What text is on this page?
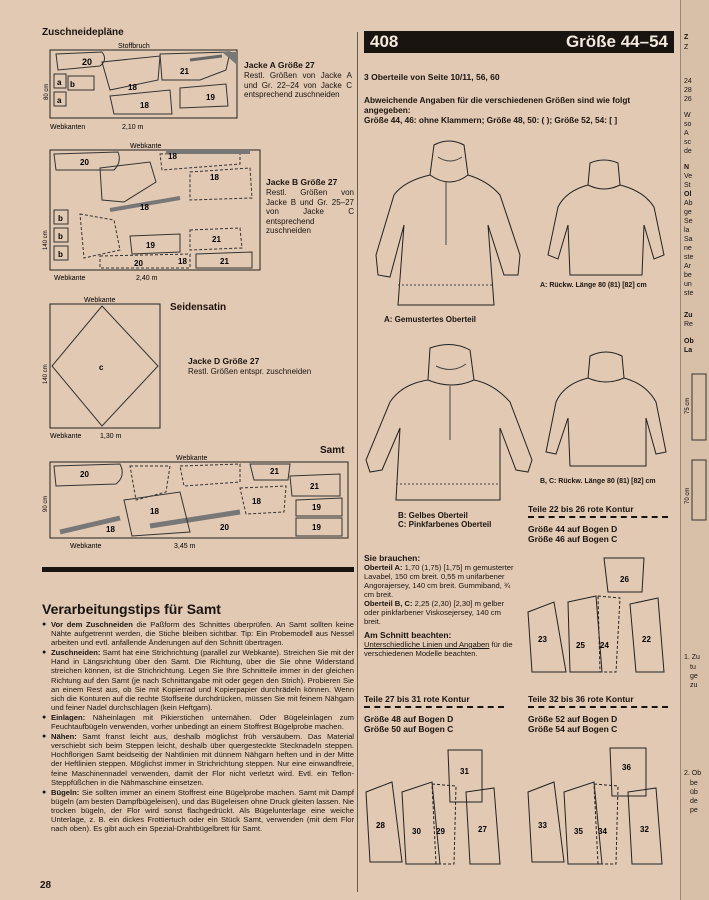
Zuschneidepläne
20
b
a
a
18
21
18
19
Stoffbruch
Webkanten	2,10 m
80 cm
Jacke A Größe 27
Restl. Größen von Jacke A und Gr. 22–24 von Jacke C entsprechend zuschneiden
20
18
18
b
b
b
18
21
19
20	21
18
Webkante
Webkante	2,40 m
140 cm
Jacke B Größe 27
Restl. Größen von Jacke B und Gr. 25–27 von Jacke C entsprechend zuschneiden
c
Webkante
Webkante	1,30 m
140 cm
Seidensatin
Jacke D Größe 27
Restl. Größen entspr. zuschneiden
Samt
20	21
21
18
20
19
19
18
18
Webkante
Webkante	3,45 m
90 cm
Verarbeitungstips für Samt
● Vor dem Zuschneiden die Paßform des Schnittes überprüfen. An Samt sollten keine Nähte aufgetrennt werden, die Stiche bleiben sichtbar. Tip: Ein Probemodell aus Nessel arbeiten und evtl. anfallende Änderungen auf den Schnitt übertragen.
● Zuschneiden: Samt hat eine Strichrichtung (parallel zur Webkante). Streichen Sie mit der Hand in Längsrichtung über den Samt. Die Richtung, über die Sie ohne Widerstand streichen können, ist die Strichrichtung. Legen Sie Ihre Schnitteile immer in der gleichen Richtung auf den Samt (je nach Schnittangabe mit oder gegen den Strich). Probieren Sie an einem Rest aus, ob Sie mit Kopierrad und Kopierpapier durchrädeln können. Wenn sich die Konturen auf die rechte Stoffseite durchdrücken, müssen Sie mit feinem Nähgarn und feiner Nadel durchschlagen (kein Heftgarn).
● Einlagen: Näheinlagen mit Pikierstichen unternähen. Oder Bügeleinlagen zum Feuchtaufbügeln verwenden, vorher unbedingt an einem Stoffrest Bügelprobe machen.
● Nähen: Samt franst leicht aus, deshalb möglichst früh versäubern. Das Material verschiebt sich beim Steppen leicht, deshalb über quergesteckte Stecknadeln steppen. Hochflorigen Samt beidseitig der Nahtlinien mit dünnem Nähgarn heften und in der Mitte der Heftlinien steppen. Möglichst immer in Strichrichtung steppen. Nur eine einwandfreie, feine Maschinennadel verwenden, damit der Flor nicht verletzt wird. Evtl. ein Teflon-Steppfüßchen in die Nähmaschine einsetzen.
● Bügeln: Sie sollten immer an einem Stoffrest eine Bügelprobe machen. Samt mit Dampf bügeln (am besten Dampfbügeleisen), und das Bügeleisen ohne Druck gleiten lassen. Nie trocken bügeln, der Flor wird sonst flachgedrückt. Als Bügelunterlage eine weiche Unterlage, z. B. ein dickes Frottiertuch oder ein Stück Samt, verwenden (mit dem Flor nach oben). Es gibt auch ein Spezial-Drahtbügelbrett für Samt.
28
408	Größe 44–54
3 Oberteile von Seite 10/11, 56, 60
Abweichende Angaben für die verschiedenen Größen sind wie folgt angegeben:
Größe 44, 46: ohne Klammern; Größe 48, 50: ( ); Größe 52, 54: [ ]
A: Gemustertes Oberteil
A: Rückw. Länge 80 (81) [82] cm
B: Gelbes Oberteil
C: Pinkfarbenes Oberteil
B, C: Rückw. Länge 80 (81) [82] cm
Sie brauchen:
Oberteil A: 1,70 (1,75) [1,75] m gemusterter Lavabel, 150 cm breit. 0,55 m unifarbener Angorajersey, 140 cm breit. Gummiband, ¾ cm breit.
Oberteil B, C: 2,25 (2,30) [2,30] m gelber oder pinkfarbener Viskosejersey, 140 cm breit.
Am Schnitt beachten:
Unterschiedliche Linien und Angaben für die verschiedenen Modelle beachten.
Teile 22 bis 26 rote Kontur
Größe 44 auf Bogen D
Größe 46 auf Bogen C
26
23
25 24
22
Teile 27 bis 31 rote Kontur
Größe 48 auf Bogen D
Größe 50 auf Bogen C
31
28
30 29	27
Teile 32 bis 36 rote Kontur
Größe 52 auf Bogen D
Größe 54 auf Bogen C
36
33
35 34	32
Z
Z
24
28
26
W
so
A
sc
de
N
Ve
St
Ol
Ab
ge
Se
la
Sa
ne
ste
Ar
be
un
ste
Zu
Re
Ob
La
75 cm
70 cm
1. Zu
tu
ge
zu
2. Ob
be
üb
de
pe
